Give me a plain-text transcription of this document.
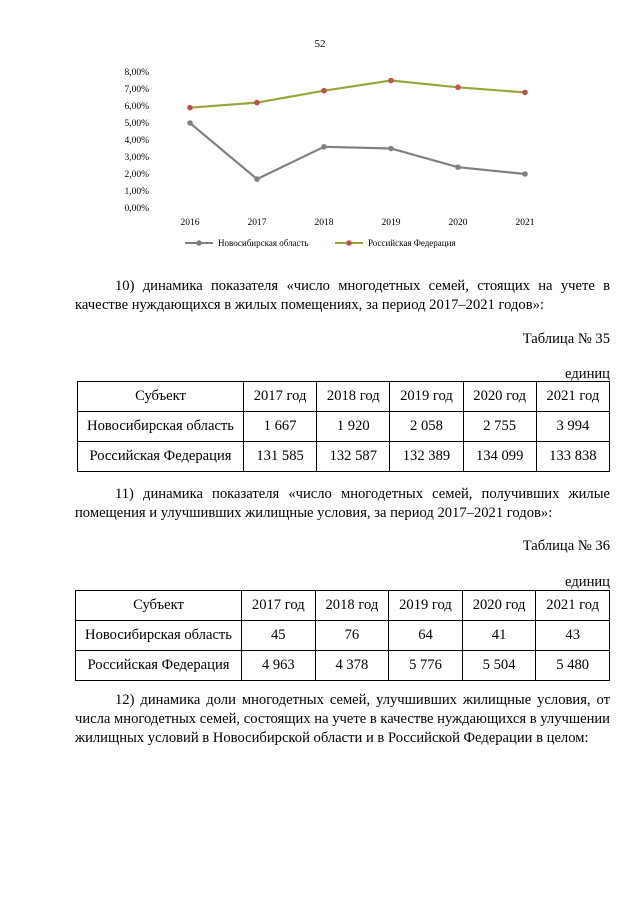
52
8,00%
7,00%
6,00%
5,00%
4,00%
3,00%
2,00%
1,00%
0,00%
2016	2017	2018	2019	2020	2021
Новосибирская область	Российская Федерация
10) динамика показателя «число многодетных семей, стоящих на учете в качестве нуждающихся в жилых помещениях, за период 2017–2021 годов»:
Таблица № 35
единиц
Субъект	2017 год	2018 год	2019 год	2020 год	2021 год
Новосибирская область	1 667	1 920	2 058	2 755	3 994
Российская Федерация	131 585	132 587	132 389	134 099	133 838
11) динамика показателя «число многодетных семей, получивших жилые помещения и улучшивших жилищные условия, за период 2017–2021 годов»:
Таблица № 36
единиц
Субъект	2017 год	2018 год	2019 год	2020 год	2021 год
Новосибирская область	45	76	64	41	43
Российская Федерация	4 963	4 378	5 776	5 504	5 480
12) динамика доли многодетных семей, улучшивших жилищные условия, от числа многодетных семей, состоящих на учете в качестве нуждающихся в улучшении жилищных условий в Новосибирской области и в Российской Федерации в целом:
